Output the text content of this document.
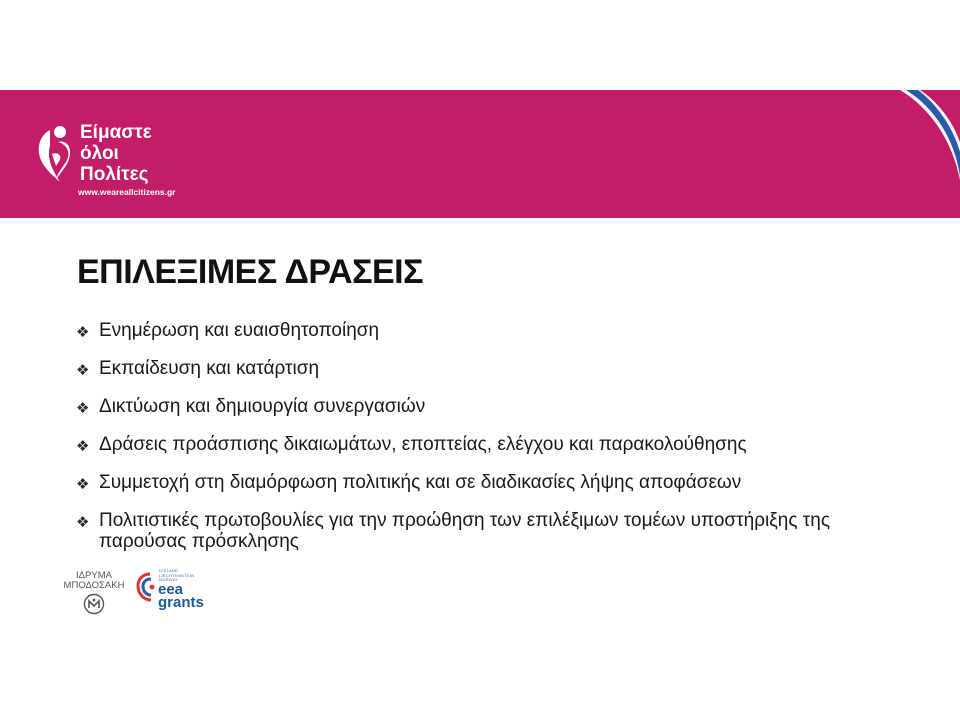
Είμαστε
όλοι
Πολίτες
www.weareallcitizens.gr
ΕΠΙΛΕΞΙΜΕΣ ΔΡΑΣΕΙΣ
❖ Ενημέρωση και ευαισθητοποίηση
❖ Εκπαίδευση και κατάρτιση
❖ Δικτύωση και δημιουργία συνεργασιών
❖ Δράσεις προάσπισης δικαιωμάτων, εποπτείας, ελέγχου και παρακολούθησης
❖ Συμμετοχή στη διαμόρφωση πολιτικής και σε διαδικασίες λήψης αποφάσεων
❖ Πολιτιστικές πρωτοβουλίες για την προώθηση των επιλέξιμων τομέων υποστήριξης της παρούσας πρόσκλησης
ΙΔΡΥΜΑ
ΜΠΟΔΟΣΑΚΗ
ICELAND
LIECHTENSTEIN
NORWAY
eea
grants
